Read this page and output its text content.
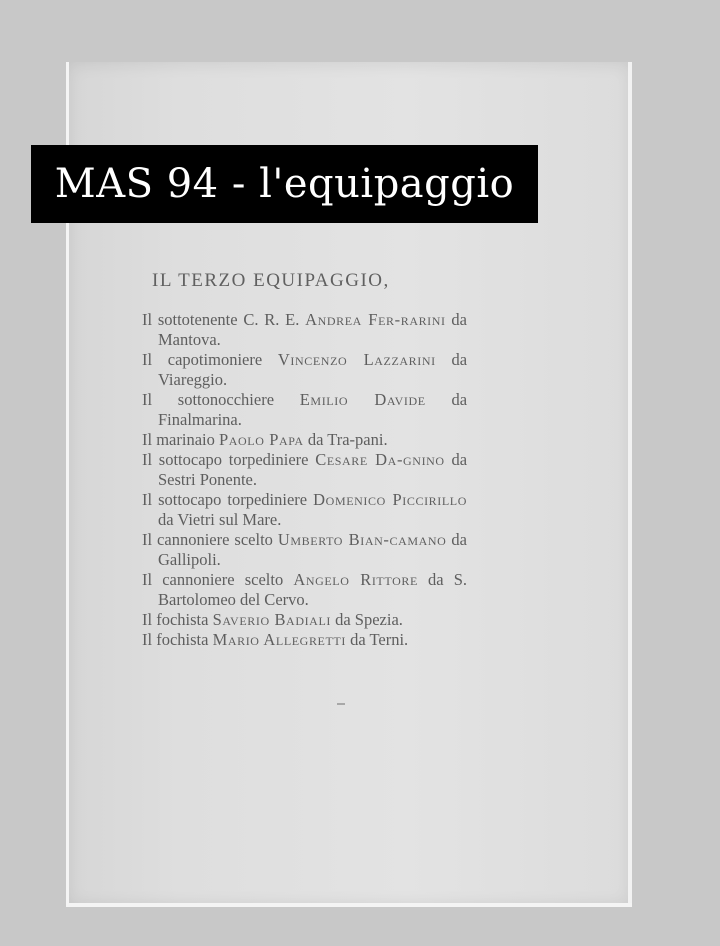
MAS 94 - l'equipaggio
IL TERZO EQUIPAGGIO,
Il sottotenente C. R. E. Andrea Fer-rarini da Mantova.
Il capotimoniere Vincenzo Lazzarini da Viareggio.
Il sottonocchiere Emilio Davide da Finalmarina.
Il marinaio Paolo Papa da Tra-pani.
Il sottocapo torpediniere Cesare Da-gnino da Sestri Ponente.
Il sottocapo torpediniere Domenico Piccirillo da Vietri sul Mare.
Il cannoniere scelto Umberto Bian-camano da Gallipoli.
Il cannoniere scelto Angelo Rittore da S. Bartolomeo del Cervo.
Il fochista Saverio Badiali da Spezia.
Il fochista Mario Allegretti da Terni.
